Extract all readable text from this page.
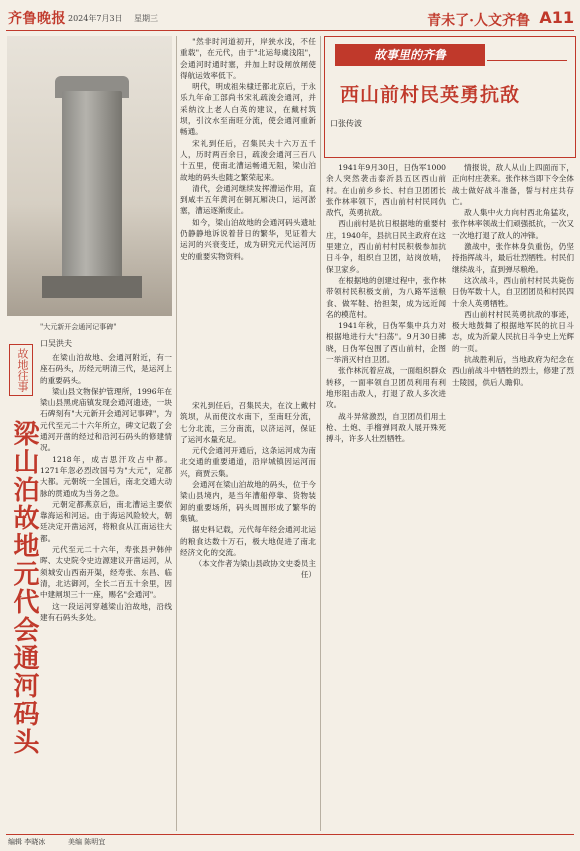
齐鲁晚报 2024年7月3日 星期三	青未了·人文齐鲁 A11
"大元新开会通河记事碑"
口吴洪夫
故地往事
梁山泊故地元代会通河码头

在梁山泊故地、会通河附近，有一座石码头，历经元明清三代，是运河上的重要码头。

梁山县文物保护管理所，1996年在梁山县黑虎庙镇发现会通河遗迹，一块石碑刻有"大元新开会通河记事碑"，为元代至元二十六年所立，碑文记载了会通河开凿的经过和沿河石码头的修建情况。

1218年，成吉思汗攻占中都。1271年忽必烈改国号为"大元"，定都大都。元朝统一全国后，南北交通大动脉的贯通成为当务之急。

元朝定都燕京后，南北漕运主要依靠海运和河运。由于海运风险较大，朝廷决定开凿运河，将粮食从江南运往大都。

元代至元二十六年，寿张县尹韩仲晖、太史院令史边源建议开凿运河，从须城安山西南开渠，经寿张、东昌、临清，北达御河，全长二百五十余里，因中建闸坝三十一座，赐名"会通河"。

这一段运河穿越梁山泊故地，沿线建有石码头多处。

"然非时河道初开，岸狭水浅，不任重载"，在元代，由于"北运每虞浅阻"，会通河时通时塞，并加上时设闸放闸使得航运效率低下。

明代，明成祖朱棣迁都北京后，于永乐九年命工部尚书宋礼疏浚会通河，并采纳汶上老人白英的建议，在戴村筑坝，引汶水至南旺分流，使会通河重新畅通。

宋礼到任后，召集民夫十六万五千人，历时两百余日，疏浚会通河三百八十五里，使南北漕运畅通无阻，梁山泊故地的码头也随之繁荣起来。

清代，会通河继续发挥漕运作用，直到咸丰五年黄河在铜瓦厢决口，运河淤塞，漕运逐渐废止。

如今，梁山泊故地的会通河码头遗址仍静静地诉说着昔日的繁华，见证着大运河的兴衰变迁，成为研究元代运河历史的重要实物资料。

宋礼到任后，召集民夫，在汶上戴村筑坝，从而使汶水南下，至南旺分流，七分北流，三分南流，以济运河，保证了运河水量充足。

元代会通河开通后，这条运河成为南北交通的重要通道，沿岸城镇因运河而兴，商贾云集。

会通河在梁山泊故地的码头，位于今梁山县境内，是当年漕船停靠、货物装卸的重要场所，码头周围形成了繁华的集镇。

据史料记载，元代每年经会通河北运的粮食达数十万石，极大地促进了南北经济文化的交流。

（本文作者为梁山县政协文史委员主任）

故事里的齐鲁
西山前村民英勇抗敌
口张传波

1941年9月30日，日伪军1000余人突然袭击泰沂县五区西山前村。在山前乡乡长、村自卫团团长张作林率领下，西山前村村民同仇敌忾，英勇抗敌。

西山前村是抗日根据地的重要村庄，1940年，县抗日民主政府在这里建立，西山前村村民积极参加抗日斗争，组织自卫团，站岗放哨，保卫家乡。

在根据地的创建过程中，张作林带领村民积极支前，为八路军送粮食、做军鞋、抬担架，成为远近闻名的模范村。

1941年秋，日伪军集中兵力对根据地进行大"扫荡"。9月30日拂晓，日伪军包围了西山前村，企图一举消灭村自卫团。

张作林沉着应战，一面组织群众转移，一面率领自卫团员利用有利地形阻击敌人，打退了敌人多次进攻。

战斗异常激烈，自卫团员们用土枪、土炮、手榴弹同敌人展开殊死搏斗，许多人壮烈牺牲。

情报说，敌人从山上四面而下，正向村庄袭来。张作林当即下令全体战士做好战斗准备，誓与村庄共存亡。

敌人集中火力向村西北角猛攻，张作林率领战士们顽强抵抗，一次又一次地打退了敌人的冲锋。

激战中，张作林身负重伤，仍坚持指挥战斗，最后壮烈牺牲。村民们继续战斗，直到弹尽粮绝。

这次战斗，西山前村村民共毙伤日伪军数十人，自卫团团员和村民四十余人英勇牺牲。

西山前村村民英勇抗敌的事迹，极大地鼓舞了根据地军民的抗日斗志，成为沂蒙人民抗日斗争史上光辉的一页。

抗战胜利后，当地政府为纪念在西山前战斗中牺牲的烈士，修建了烈士陵园，供后人瞻仰。

编辑 李晓冰	美编 陈明宜
